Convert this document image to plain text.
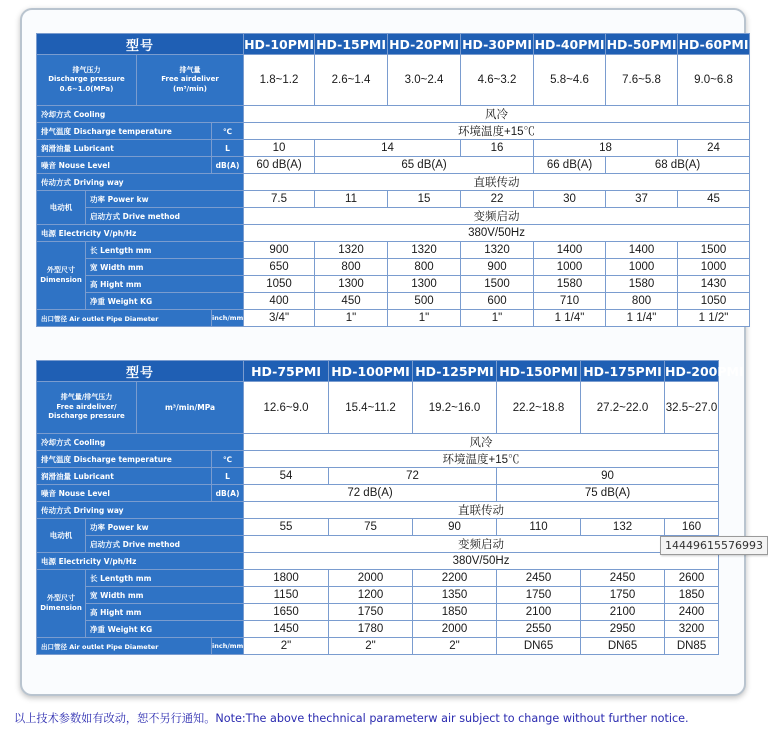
型号				HD-10PMI	HD-15PMI	HD-20PMI	HD-30PMI	HD-40PMI	HD-50PMI	HD-60PMI
排气压力
Discharge pressure
0.6~1.0(MPa)		排气量
Free airdeliver
(m³/min)		1.8~1.2	2.6~1.4	3.0~2.4	4.6~3.2	5.8~4.6	7.6~5.8	9.0~6.8
冷却方式 Cooling				风冷						
排气温度 Discharge temperature			℃	环境温度+15℃						
润滑油量 Lubricant			L	10	14		16	18		24
噪音 Nouse Level			dB(A)	60 dB(A)	65 dB(A)			66 dB(A)	68 dB(A)	
传动方式 Driving way				直联传动						
电动机	功率 Power kw			7.5	11	15	22	30	37	45
	启动方式 Drive method			变频启动						
电源 Electricity V/ph/Hz				380V/50Hz						
外型尺寸
Dimension	长 Lentgth mm			900	1320	1320	1320	1400	1400	1500
	宽 Width mm			650	800	800	900	1000	1000	1000
	高 Hight mm			1050	1300	1300	1500	1580	1580	1430
	净重 Weight KG			400	450	500	600	710	800	1050
出口管径 Air outlet Pipe Diameter			inch/mm	3/4"	1"	1"	1"	1 1/4"	1 1/4"	1 1/2"
型号				HD-75PMI	HD-100PMI	HD-125PMI	HD-150PMI	HD-175PMI	HD-200PMI
排气量/排气压力
Free airdeliver/
Discharge pressure		m³/min/MPa		12.6~9.0	15.4~11.2	19.2~16.0	22.2~18.8	27.2~22.0	32.5~27.0
冷却方式 Cooling				风冷					
排气温度 Discharge temperature			℃	环境温度+15℃					
润滑油量 Lubricant			L	54	72		90		
噪音 Nouse Level			dB(A)	72 dB(A)			75 dB(A)		
传动方式 Driving way				直联传动					
电动机	功率 Power kw			55	75	90	110	132	160
	启动方式 Drive method			变频启动					
电源 Electricity V/ph/Hz				380V/50Hz					
外型尺寸
Dimension	长 Lentgth mm			1800	2000	2200	2450	2450	2600
	宽 Width mm			1150	1200	1350	1750	1750	1850
	高 Hight mm			1650	1750	1850	2100	2100	2400
	净重 Weight KG			1450	1780	2000	2550	2950	3200
出口管径 Air outlet Pipe Diameter			inch/mm	2"	2"	2"	DN65	DN65	DN85
14449615576993
以上技术参数如有改动，恕不另行通知。Note:The above thechnical parameterw air subject to change without further notice.
